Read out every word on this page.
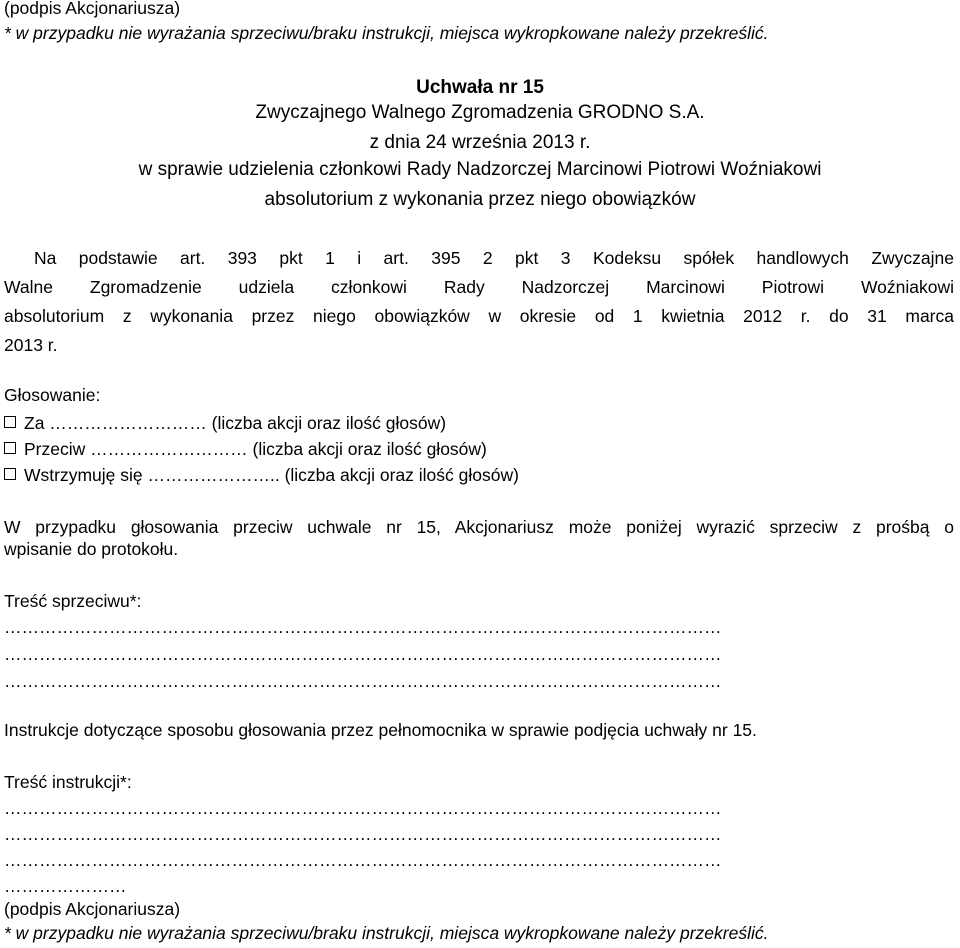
(podpis Akcjonariusza)
* w przypadku nie wyrażania sprzeciwu/braku instrukcji, miejsca wykropkowane należy przekreślić.
Uchwała nr 15
Zwyczajnego Walnego Zgromadzenia GRODNO S.A.
z dnia 24 września 2013 r.
w sprawie udzielenia członkowi Rady Nadzorczej Marcinowi Piotrowi Woźniakowi
absolutorium z wykonania przez niego obowiązków
Na podstawie art. 393 pkt 1 i art. 395 2 pkt 3 Kodeksu spółek handlowych Zwyczajne
Walne Zgromadzenie udziela członkowi Rady Nadzorczej Marcinowi Piotrowi Woźniakowi
absolutorium z wykonania przez niego obowiązków w okresie od 1 kwietnia 2012 r. do 31 marca
2013 r.
Głosowanie:
Za ……………………… (liczba akcji oraz ilość głosów)
Przeciw ……………………… (liczba akcji oraz ilość głosów)
Wstrzymuję się ………………….. (liczba akcji oraz ilość głosów)
W przypadku głosowania przeciw uchwale nr 15, Akcjonariusz może poniżej wyrazić sprzeciw z prośbą o
wpisanie do protokołu.
Treść sprzeciwu*:
……………………………………………………………………………………………………………
……………………………………………………………………………………………………………
……………………………………………………………………………………………………………
Instrukcje dotyczące sposobu głosowania przez pełnomocnika w sprawie podjęcia uchwały nr 15.
Treść instrukcji*:
……………………………………………………………………………………………………………
……………………………………………………………………………………………………………
……………………………………………………………………………………………………………
…………………
(podpis Akcjonariusza)
* w przypadku nie wyrażania sprzeciwu/braku instrukcji, miejsca wykropkowane należy przekreślić.
